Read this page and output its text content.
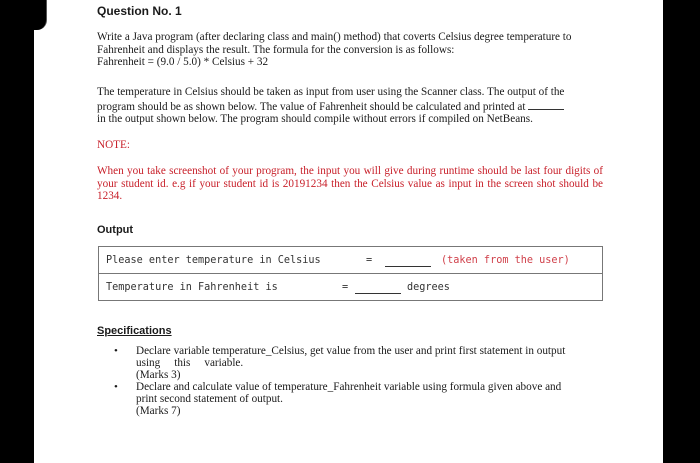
Question No. 1
Write a Java program (after declaring class and main() method) that coverts Celsius degree temperature to
Fahrenheit and displays the result. The formula for the conversion is as follows:
Fahrenheit = (9.0 / 5.0) * Celsius + 32
The temperature in Celsius should be taken as input from user using the Scanner class. The output of the
program should be as shown below. The value of Fahrenheit should be calculated and printed at
in the output shown below. The program should compile without errors if compiled on NetBeans.
NOTE:
When you take screenshot of your program, the input you will give during runtime should be last four digits of your student id. e.g if your student id is 20191234 then the Celsius value as input in the screen shot should be 1234.
Output
Please enter temperature in Celsius	=	(taken from the user)
Temperature in Fahrenheit is	=	degrees
Specifications
• Declare variable temperature_Celsius, get value from the user and print first statement in output
using     this     variable.
(Marks 3)
• Declare and calculate value of temperature_Fahrenheit variable using formula given above and
print second statement of output.
(Marks 7)
